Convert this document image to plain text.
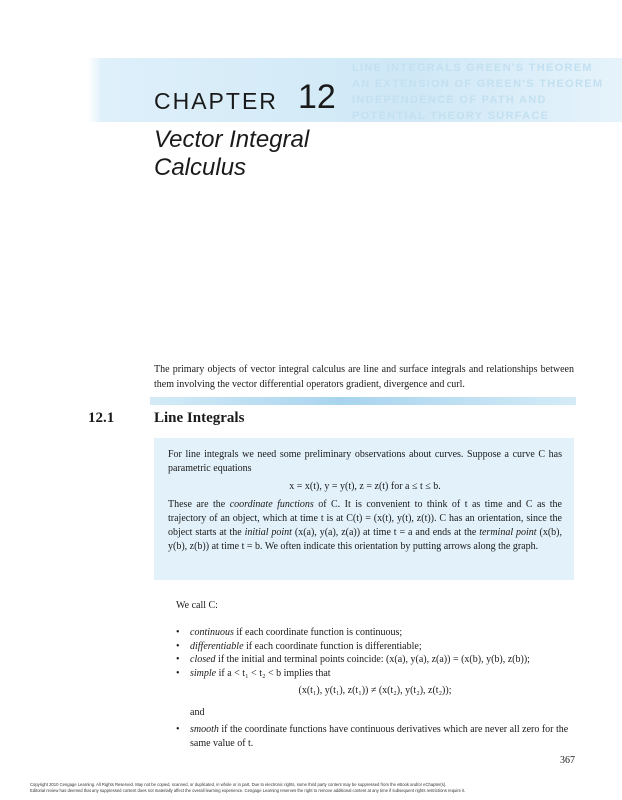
CHAPTER 12
LINE INTEGRALS GREEN'S THEOREM
AN EXTENSION OF GREEN'S THEOREM
INDEPENDENCE OF PATH AND
POTENTIAL THEORY SURFACE
Vector Integral
Calculus
The primary objects of vector integral calculus are line and surface integrals and relationships between them involving the vector differential operators gradient, divergence and curl.
12.1	Line Integrals
For line integrals we need some preliminary observations about curves. Suppose a curve C has parametric equations
x = x(t), y = y(t), z = z(t) for a ≤ t ≤ b.
These are the coordinate functions of C. It is convenient to think of t as time and C as the trajectory of an object, which at time t is at C(t) = (x(t), y(t), z(t)). C has an orientation, since the object starts at the initial point (x(a), y(a), z(a)) at time t = a and ends at the terminal point (x(b), y(b), z(b)) at time t = b. We often indicate this orientation by putting arrows along the graph.
We call C:
• continuous if each coordinate function is continuous;
• differentiable if each coordinate function is differentiable;
• closed if the initial and terminal points coincide: (x(a), y(a), z(a)) = (x(b), y(b), z(b));
• simple if a < t₁ < t₂ < b implies that
(x(t₁), y(t₁), z(t₁)) ≠ (x(t₂), y(t₂), z(t₂));
and
• smooth if the coordinate functions have continuous derivatives which are never all zero for the same value of t.
367
Copyright 2010 Cengage Learning. All Rights Reserved. May not be copied, scanned, or duplicated, in whole or in part. Due to electronic rights, some third party content may be suppressed from the eBook and/or eChapter(s).
Editorial review has deemed that any suppressed content does not materially affect the overall learning experience. Cengage Learning reserves the right to remove additional content at any time if subsequent rights restrictions require it.
